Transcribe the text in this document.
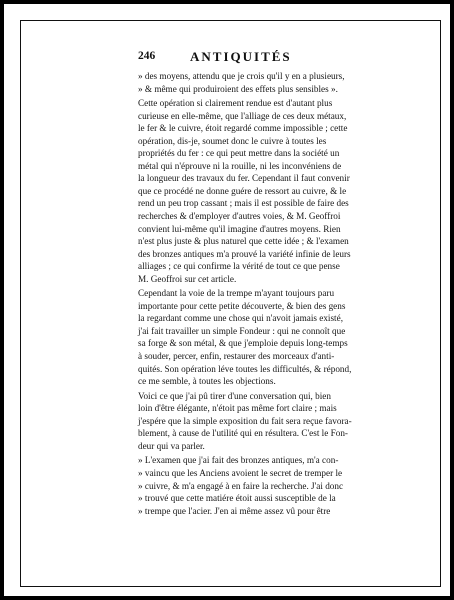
246	ANTIQUITÉS
» des moyens, attendu que je crois qu'il y en a plusieurs,
» & même qui produiroient des effets plus sensibles ».
Cette opération si clairement rendue est d'autant plus
curieuse en elle-même, que l'alliage de ces deux métaux,
le fer & le cuivre, étoit regardé comme impossible ; cette
opération, dis-je, soumet donc le cuivre à toutes les
propriétés du fer : ce qui peut mettre dans la société un
métal qui n'éprouve ni la rouille, ni les inconvéniens de
la longueur des travaux du fer. Cependant il faut convenir
que ce procédé ne donne guére de ressort au cuivre, & le
rend un peu trop cassant ; mais il est possible de faire des
recherches & d'employer d'autres voies, & M. Geoffroi
convient lui-même qu'il imagine d'autres moyens. Rien
n'est plus juste & plus naturel que cette idée ; & l'examen
des bronzes antiques m'a prouvé la variété infinie de leurs
alliages ; ce qui confirme la vérité de tout ce que pense
M. Geoffroi sur cet article.
Cependant la voie de la trempe m'ayant toujours paru
importante pour cette petite découverte, & bien des gens
la regardant comme une chose qui n'avoit jamais existé,
j'ai fait travailler un simple Fondeur : qui ne connoît que
sa forge & son métal, & que j'emploie depuis long-temps
à souder, percer, enfin, restaurer des morceaux d'anti-
quités. Son opération léve toutes les difficultés, & répond,
ce me semble, à toutes les objections.
Voici ce que j'ai pû tirer d'une conversation qui, bien
loin d'être élégante, n'étoit pas même fort claire ; mais
j'espére que la simple exposition du fait sera reçue favora-
blement, à cause de l'utilité qui en résultera. C'est le Fon-
deur qui va parler.
» L'examen que j'ai fait des bronzes antiques, m'a con-
» vaincu que les Anciens avoient le secret de tremper le
» cuivre, & m'a engagé à en faire la recherche. J'ai donc
» trouvé que cette matiére étoit aussi susceptible de la
» trempe que l'acier. J'en ai même assez vû pour être
